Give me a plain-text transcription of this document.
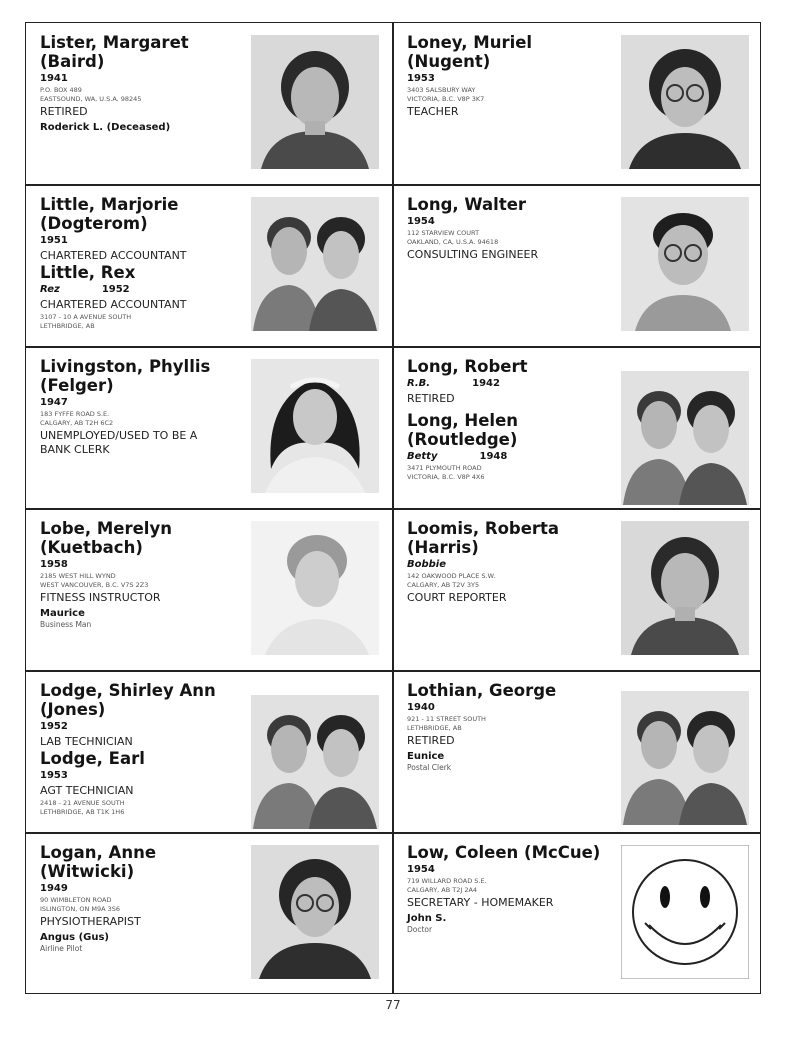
Lister, Margaret
(Baird)
1941
P.O. BOX 489
EASTSOUND, WA, U.S.A. 98245
RETIRED
Roderick L. (Deceased)
Loney, Muriel
(Nugent)
1953
3403 SALSBURY WAY
VICTORIA, B.C. V8P 3K7
TEACHER
Little, Marjorie
(Dogterom)
1951
CHARTERED ACCOUNTANT
Little, Rex
Rez	1952
CHARTERED ACCOUNTANT
3107 - 10 A AVENUE SOUTH
LETHBRIDGE, AB
Long, Walter
1954
112 STARVIEW COURT
OAKLAND, CA, U.S.A. 94618
CONSULTING ENGINEER
Livingston, Phyllis
(Felger)
1947
183 FYFFE ROAD S.E.
CALGARY, AB T2H 6C2
UNEMPLOYED/USED TO BE A BANK CLERK
Long, Robert
R.B.	1942
RETIRED
Long, Helen
(Routledge)
Betty	1948
3471 PLYMOUTH ROAD
VICTORIA, B.C. V8P 4X6
Lobe, Merelyn
(Kuetbach)
1958
2185 WEST HILL WYND
WEST VANCOUVER, B.C. V7S 2Z3
FITNESS INSTRUCTOR
Maurice
Business Man
Loomis, Roberta
(Harris)
Bobbie
142 OAKWOOD PLACE S.W.
CALGARY, AB T2V 3Y5
COURT REPORTER
Lodge, Shirley Ann
(Jones)
1952
LAB TECHNICIAN
Lodge, Earl
1953
AGT TECHNICIAN
2418 - 21 AVENUE SOUTH
LETHBRIDGE, AB T1K 1H6
Lothian, George
1940
921 - 11 STREET SOUTH
LETHBRIDGE, AB
RETIRED
Eunice
Postal Clerk
Logan, Anne
(Witwicki)
1949
90 WIMBLETON ROAD
ISLINGTON, ON M9A 3S6
PHYSIOTHERAPIST
Angus (Gus)
Airline Pilot
Low, Coleen (McCue)
1954
719 WILLARD ROAD S.E.
CALGARY, AB T2J 2A4
SECRETARY - HOMEMAKER
John S.
Doctor
77
